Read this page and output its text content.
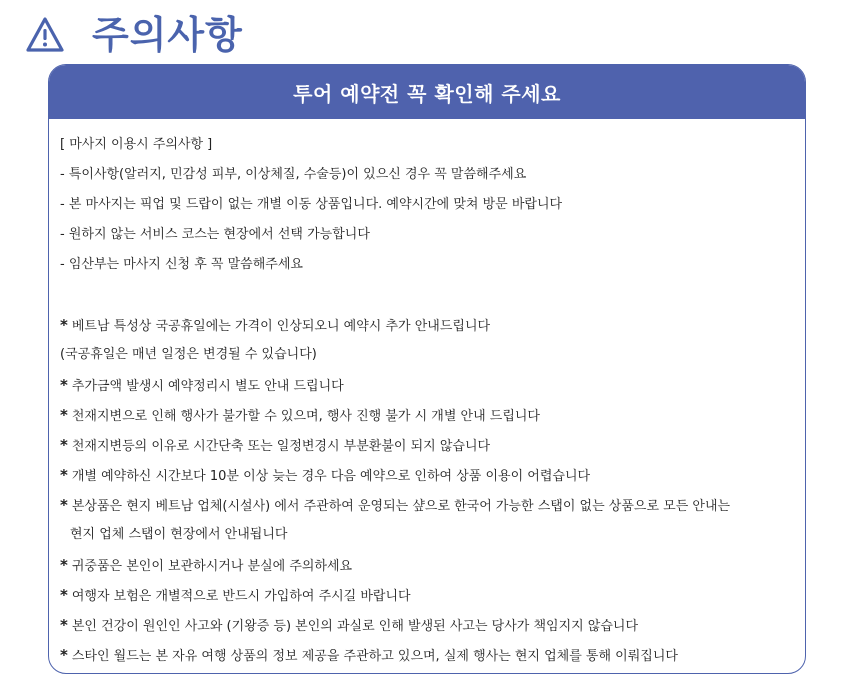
주의사항
투어 예약전 꼭 확인해 주세요
[ 마사지 이용시 주의사항 ]
- 특이사항(알러지, 민감성 피부, 이상체질, 수술등)이 있으신 경우 꼭 말씀해주세요
- 본 마사지는 픽업 및 드랍이 없는 개별 이동 상품입니다. 예약시간에 맞쳐 방문 바랍니다
- 원하지 않는 서비스 코스는 현장에서 선택 가능합니다
- 임산부는 마사지 신청 후 꼭 말씀해주세요
* 베트남 특성상 국공휴일에는 가격이 인상되오니 예약시 추가 안내드립니다
(국공휴일은 매년 일정은 변경될 수 있습니다)
* 추가금액 발생시 예약정리시 별도 안내 드립니다
* 천재지변으로 인해 행사가 불가할 수 있으며, 행사 진행 불가 시 개별 안내 드립니다
* 천재지변등의 이유로 시간단축 또는 일정변경시 부분환불이 되지 않습니다
* 개별 예약하신 시간보다 10분 이상 늦는 경우 다음 예약으로 인하여 상품 이용이 어렵습니다
* 본상품은 현지 베트남 업체(시설사) 에서 주관하여 운영되는 샾으로 한국어 가능한 스탭이 없는 상품으로 모든 안내는
현지 업체 스탭이 현장에서 안내됩니다
* 귀중품은 본인이 보관하시거나 분실에 주의하세요
* 여행자 보험은 개별적으로 반드시 가입하여 주시길 바랍니다
* 본인 건강이 원인인 사고와 (기왕증 등) 본인의 과실로 인해 발생된 사고는 당사가 책임지지 않습니다
* 스타인 월드는 본 자유 여행 상품의 정보 제공을 주관하고 있으며, 실제 행사는 현지 업체를 통해 이뤄집니다
